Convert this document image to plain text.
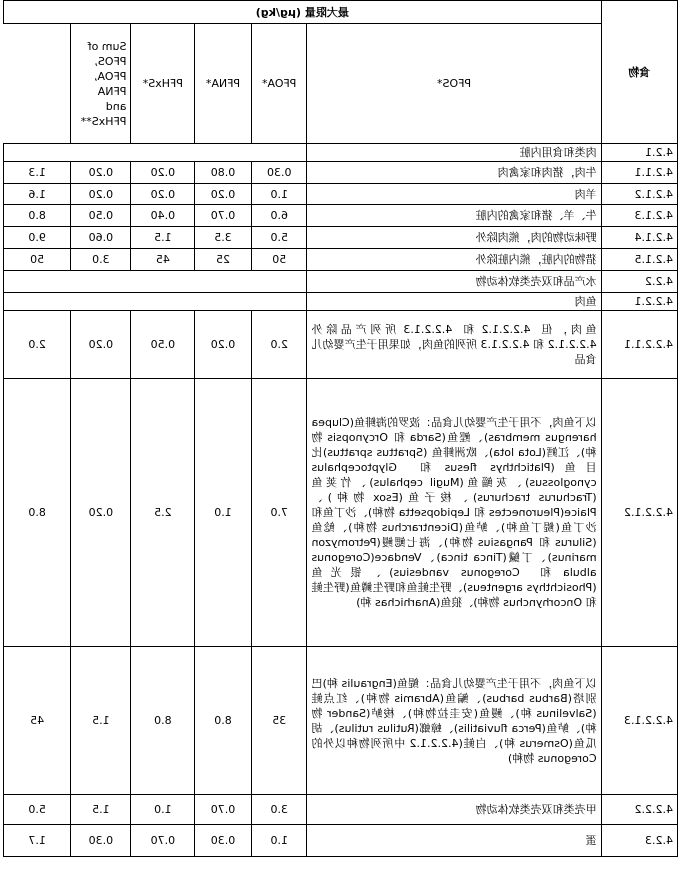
食物	最大限量 (μg/kg)					
	PFOS*	PFOA*	PFNA*	PFHxS*	Sum of PFOS, PFOA, PFNA and PFHxS**	
4.2.1	肉类和食用内脏					
4.2.1.1	牛肉，猪肉和家禽肉	0.30	0.80	0.20	0.20	1.3
4.2.1.2	羊肉	1.0	0.20	0.20	0.20	1.6
4.2.1.3	牛、羊、猪和家禽的内脏	6.0	0.70	0.40	0.50	8.0
4.2.1.4	野味动物的肉，熊肉除外	5.0	3.5	1.5	0.60	9.0
4.2.1.5	猎物的内脏，熊内脏除外	50	25	45	3.0	50
4.2.2	水产品和双壳类软体动物					
4.2.2.1	鱼肉					
4.2.2.1.1	鱼肉，但 4.2.2.1.2 和 4.2.2.1.3 所列产品除外 4.2.2.1.2 和 4.2.2.1.3 所列的鱼肉，如果用于生产婴幼儿食品	2.0	0.20	0.50	0.20	2.0
4.2.2.1.2	以下鱼肉，不用于生产婴幼儿食品：波罗的海鲱鱼(Clupea harengus membras)、鲣鱼(Sarda 和 Orcynopsis 物种)、江鳕(Lota lota)、欧洲鲱鱼 (Sprattus sprattus)比目鱼(Platichthys flesus 和 Glyptocephalus cynoglossus)、灰鲻鱼(Mugil cephalus)、竹荚鱼(Trachurus trachurus)、梭子鱼(Esox 物种)、Plaice(Pleuronectes 和 Lepidopsetta 物种)、沙丁鱼和沙丁鱼(鳀丁鱼种)、鲈鱼(Dicentrarchus 物种)、鲶鱼(Silurus 和 Pangasius 物种)、海七鳃鳗(Petromyzon marinus)、丁鱥(Tinca tinca)、Vendace(Coregonus albula 和 Coregonus vandesius)、银光鱼(Phosichthys argenteus)、野生鲑鱼和野生鳟鱼(野生鲑和 Oncorhynchus 物种)、狼鱼(Anarhichas 种)	7.0	1.0	2.5	0.20	8.0
4.2.2.1.3	以下鱼肉，不用于生产婴幼儿食品：鳀鱼(Engraulis 种)巴别塔(Barbus barbus)、鳊鱼(Abramis 物种)、红点鲑(Salvelinus 种)、鳗鱼(安圭拉物种)、梭鲈(Sander 物种)、鲈鱼(Perca fluviatilis)、蟑螂(Rutilus rutilus)、胡瓜鱼(Osmerus 种)、白鲑(4.2.2.1.2 中所列物种以外的 Coregonus 物种)	35	8.0	8.0	1.5	45
4.2.2.2	甲壳类和双壳类软体动物	3.0	0.70	1.0	1.5	5.0
4.2.3	蛋	1.0	0.30	0.70	0.30	1.7
